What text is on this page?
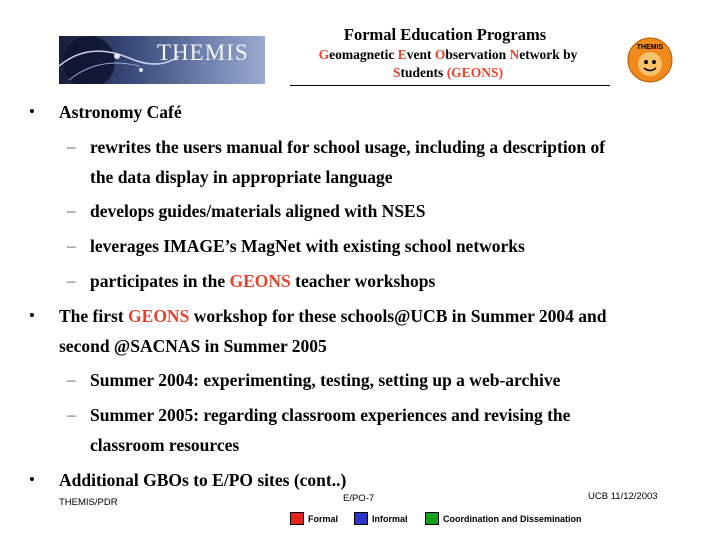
THEMIS
Formal Education Programs
Geomagnetic Event Observation Network by
Students (GEONS)
THEMIS
• Astronomy Café
– rewrites the users manual for school usage, including a description of
the data display in appropriate language
– develops guides/materials aligned with NSES
– leverages IMAGE’s MagNet with existing school networks
– participates in the GEONS teacher workshops
• The first GEONS workshop for these schools@UCB in Summer 2004 and
second @SACNAS in Summer 2005
– Summer 2004: experimenting, testing, setting up a web-archive
– Summer 2005: regarding classroom experiences and revising the
classroom resources
• Additional GBOs to E/PO sites (cont..)
THEMIS/PDR	E/PO-7	UCB 11/12/2003
Formal	Informal	Coordination and Dissemination
